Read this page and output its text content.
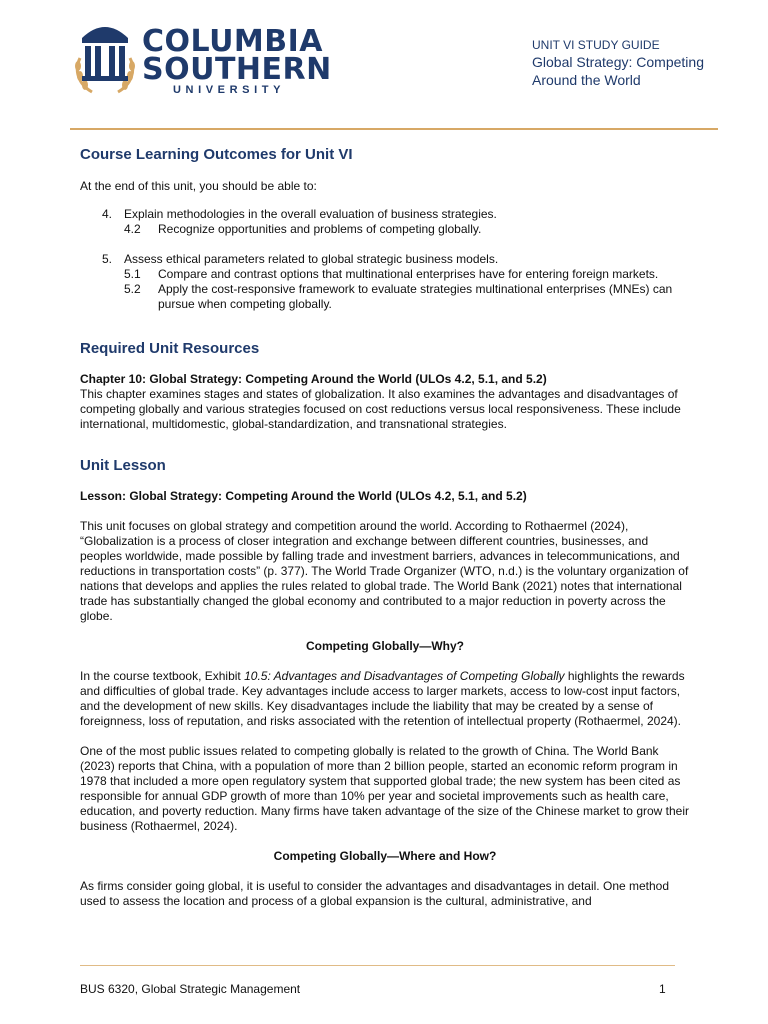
COLUMBIA
SOUTHERN
UNIVERSITY
UNIT VI STUDY GUIDE
Global Strategy: Competing
Around the World
Course Learning Outcomes for Unit VI

At the end of this unit, you should be able to:

4. Explain methodologies in the overall evaluation of business strategies.
4.2 Recognize opportunities and problems of competing globally.
5. Assess ethical parameters related to global strategic business models.
5.1 Compare and contrast options that multinational enterprises have for entering foreign markets.
5.2 Apply the cost-responsive framework to evaluate strategies multinational enterprises (MNEs) can pursue when competing globally.
Required Unit Resources

Chapter 10: Global Strategy: Competing Around the World (ULOs 4.2, 5.1, and 5.2)

This chapter examines stages and states of globalization. It also examines the advantages and disadvantages of competing globally and various strategies focused on cost reductions versus local responsiveness. These include international, multidomestic, global-standardization, and transnational strategies.

Unit Lesson

Lesson: Global Strategy: Competing Around the World (ULOs 4.2, 5.1, and 5.2)

This unit focuses on global strategy and competition around the world. According to Rothaermel (2024), “Globalization is a process of closer integration and exchange between different countries, businesses, and peoples worldwide, made possible by falling trade and investment barriers, advances in telecommunications, and reductions in transportation costs” (p. 377). The World Trade Organizer (WTO, n.d.) is the voluntary organization of nations that develops and applies the rules related to global trade. The World Bank (2021) notes that international trade has substantially changed the global economy and contributed to a major reduction in poverty across the globe.

Competing Globally—Why?

In the course textbook, Exhibit 10.5: Advantages and Disadvantages of Competing Globally highlights the rewards and difficulties of global trade. Key advantages include access to larger markets, access to low-cost input factors, and the development of new skills. Key disadvantages include the liability that may be created by a sense of foreignness, loss of reputation, and risks associated with the retention of intellectual property (Rothaermel, 2024).

One of the most public issues related to competing globally is related to the growth of China. The World Bank (2023) reports that China, with a population of more than 2 billion people, started an economic reform program in 1978 that included a more open regulatory system that supported global trade; the new system has been cited as responsible for annual GDP growth of more than 10% per year and societal improvements such as health care, education, and poverty reduction. Many firms have taken advantage of the size of the Chinese market to grow their business (Rothaermel, 2024).

Competing Globally—Where and How?

As firms consider going global, it is useful to consider the advantages and disadvantages in detail. One method used to assess the location and process of a global expansion is the cultural, administrative, and

BUS 6320, Global Strategic Management	1
